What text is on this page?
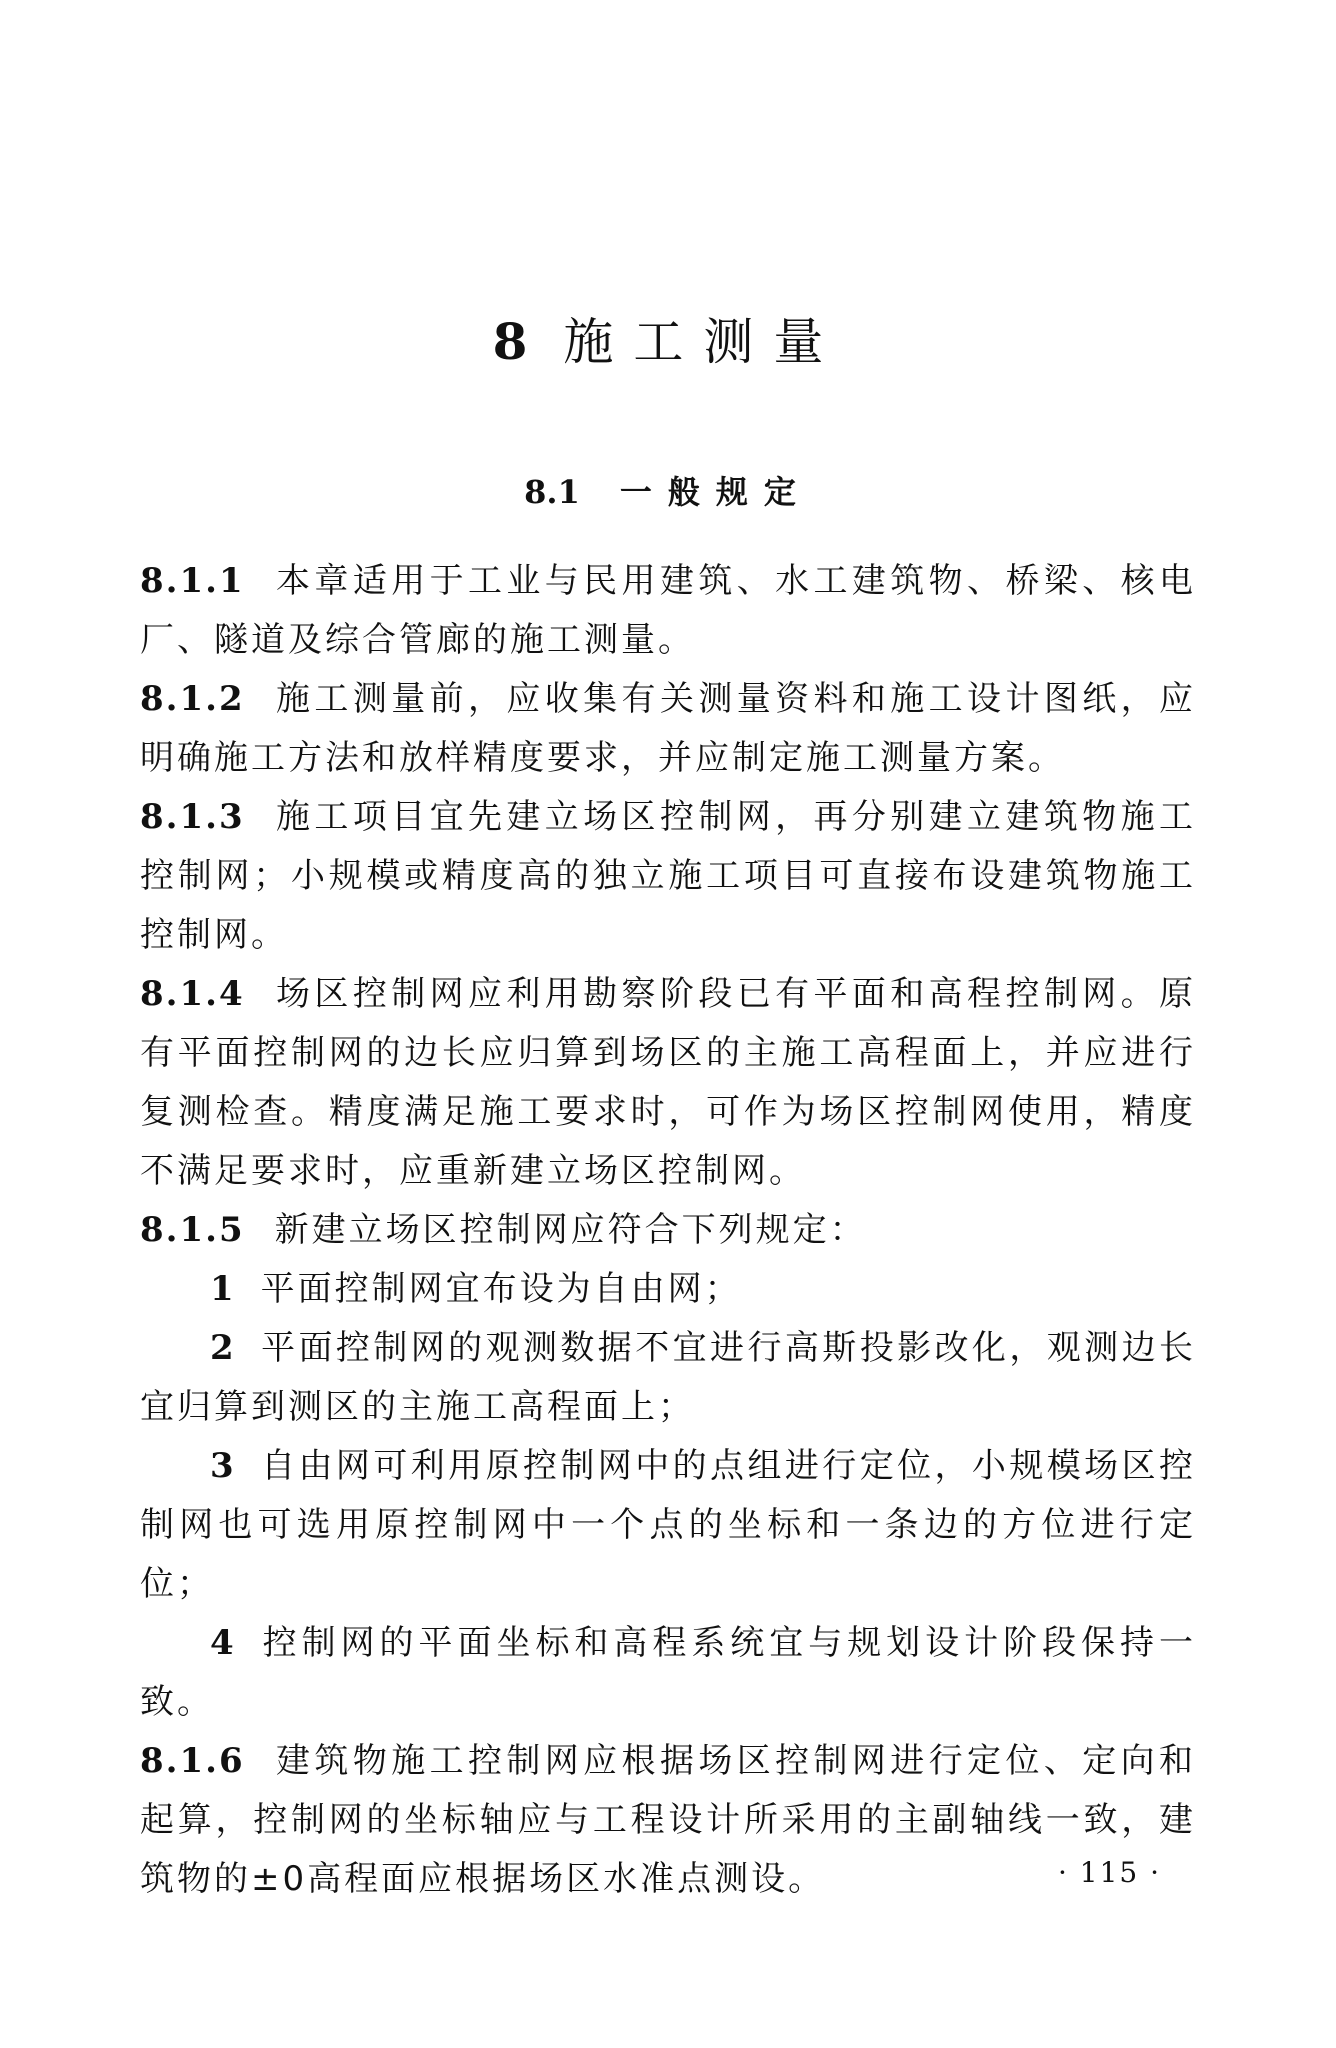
8 施工测量
8.1 一般规定

8.1.1 本章适用于工业与民用建筑、水工建筑物、桥梁、核电厂、隧道及综合管廊的施工测量。

8.1.2 施工测量前，应收集有关测量资料和施工设计图纸，应明确施工方法和放样精度要求，并应制定施工测量方案。

8.1.3 施工项目宜先建立场区控制网，再分别建立建筑物施工控制网；小规模或精度高的独立施工项目可直接布设建筑物施工控制网。

8.1.4 场区控制网应利用勘察阶段已有平面和高程控制网。原有平面控制网的边长应归算到场区的主施工高程面上，并应进行复测检查。精度满足施工要求时，可作为场区控制网使用，精度不满足要求时，应重新建立场区控制网。

8.1.5 新建立场区控制网应符合下列规定：

1 平面控制网宜布设为自由网；

2 平面控制网的观测数据不宜进行高斯投影改化，观测边长宜归算到测区的主施工高程面上；

3 自由网可利用原控制网中的点组进行定位，小规模场区控制网也可选用原控制网中一个点的坐标和一条边的方位进行定位；

4 控制网的平面坐标和高程系统宜与规划设计阶段保持一致。

8.1.6 建筑物施工控制网应根据场区控制网进行定位、定向和起算，控制网的坐标轴应与工程设计所采用的主副轴线一致，建筑物的±0高程面应根据场区水准点测设。	· 115 ·
